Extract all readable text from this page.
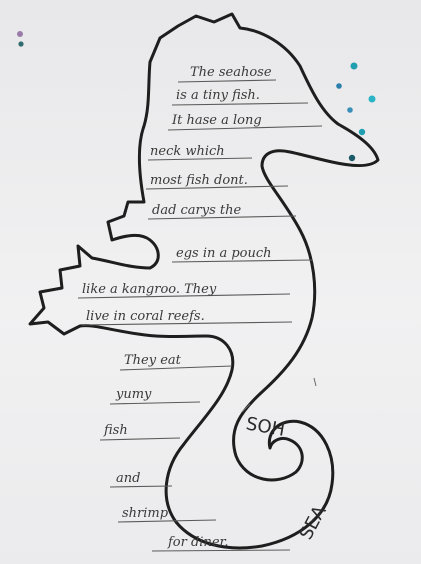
The seahose
is a tiny fish.
It hase a long
neck which
most fish dont.
dad carys the
egs in a pouch
like a kangroo. They
live in coral reefs.
They eat
yumy
fish
and
shrimp
for diner.
SOH
SEA
